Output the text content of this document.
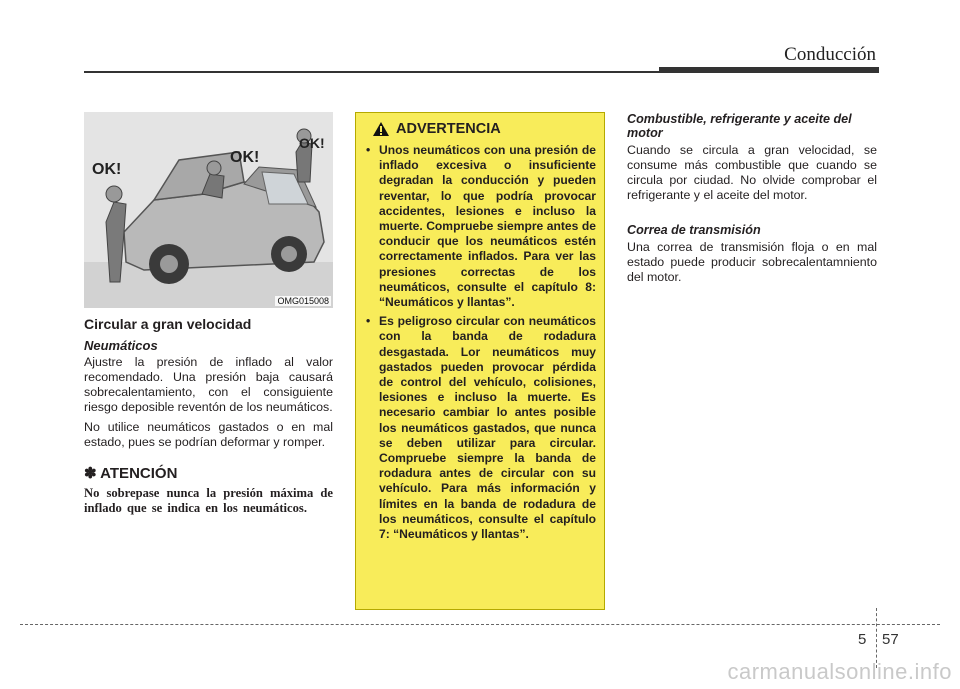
Conducción
OK!
OK!
OK!
OMG015008
Circular a gran velocidad
Neumáticos

Ajustre la presión de inflado al valor recomendado. Una presión baja causará sobrecalentamiento, con el consiguiente riesgo deposible reventón de los neumáticos.

No utilice neumáticos gastados o en mal estado, pues se podrían deformar y romper.

✽ ATENCIÓN

No sobrepase nunca la presión máxima de inflado que se indica en los neumáticos.

ADVERTENCIA
• Unos neumáticos con una presión de inflado excesiva o insuficiente degradan la conducción y pueden reventar, lo que podría provocar accidentes, lesiones e incluso la muerte. Compruebe siempre antes de conducir que los neumáticos estén correctamente inflados. Para ver las presiones correctas de los neumáticos, consulte el capítulo 8: “Neumáticos y llantas”.
• Es peligroso circular con neumáticos con la banda de rodadura desgastada. Lor neumáticos muy gastados pueden provocar pérdida de control del vehículo, colisiones, lesiones e incluso la muerte. Es necesario cambiar lo antes posible los neumáticos gastados, que nunca se deben utilizar para circular. Compruebe siempre la banda de rodadura antes de circular con su vehículo. Para más información y límites en la banda de rodadura de los neumáticos, consulte el capítulo 7: “Neumáticos y llantas”.
Combustible, refrigerante y aceite del motor

Cuando se circula a gran velocidad, se consume más combustible que cuando se circula por ciudad. No olvide comprobar el refrigerante y el aceite del motor.

Correa de transmisión

Una correa de transmisión floja o en mal estado puede producir sobrecalentamniento del motor.

5 57
carmanualsonline.info
